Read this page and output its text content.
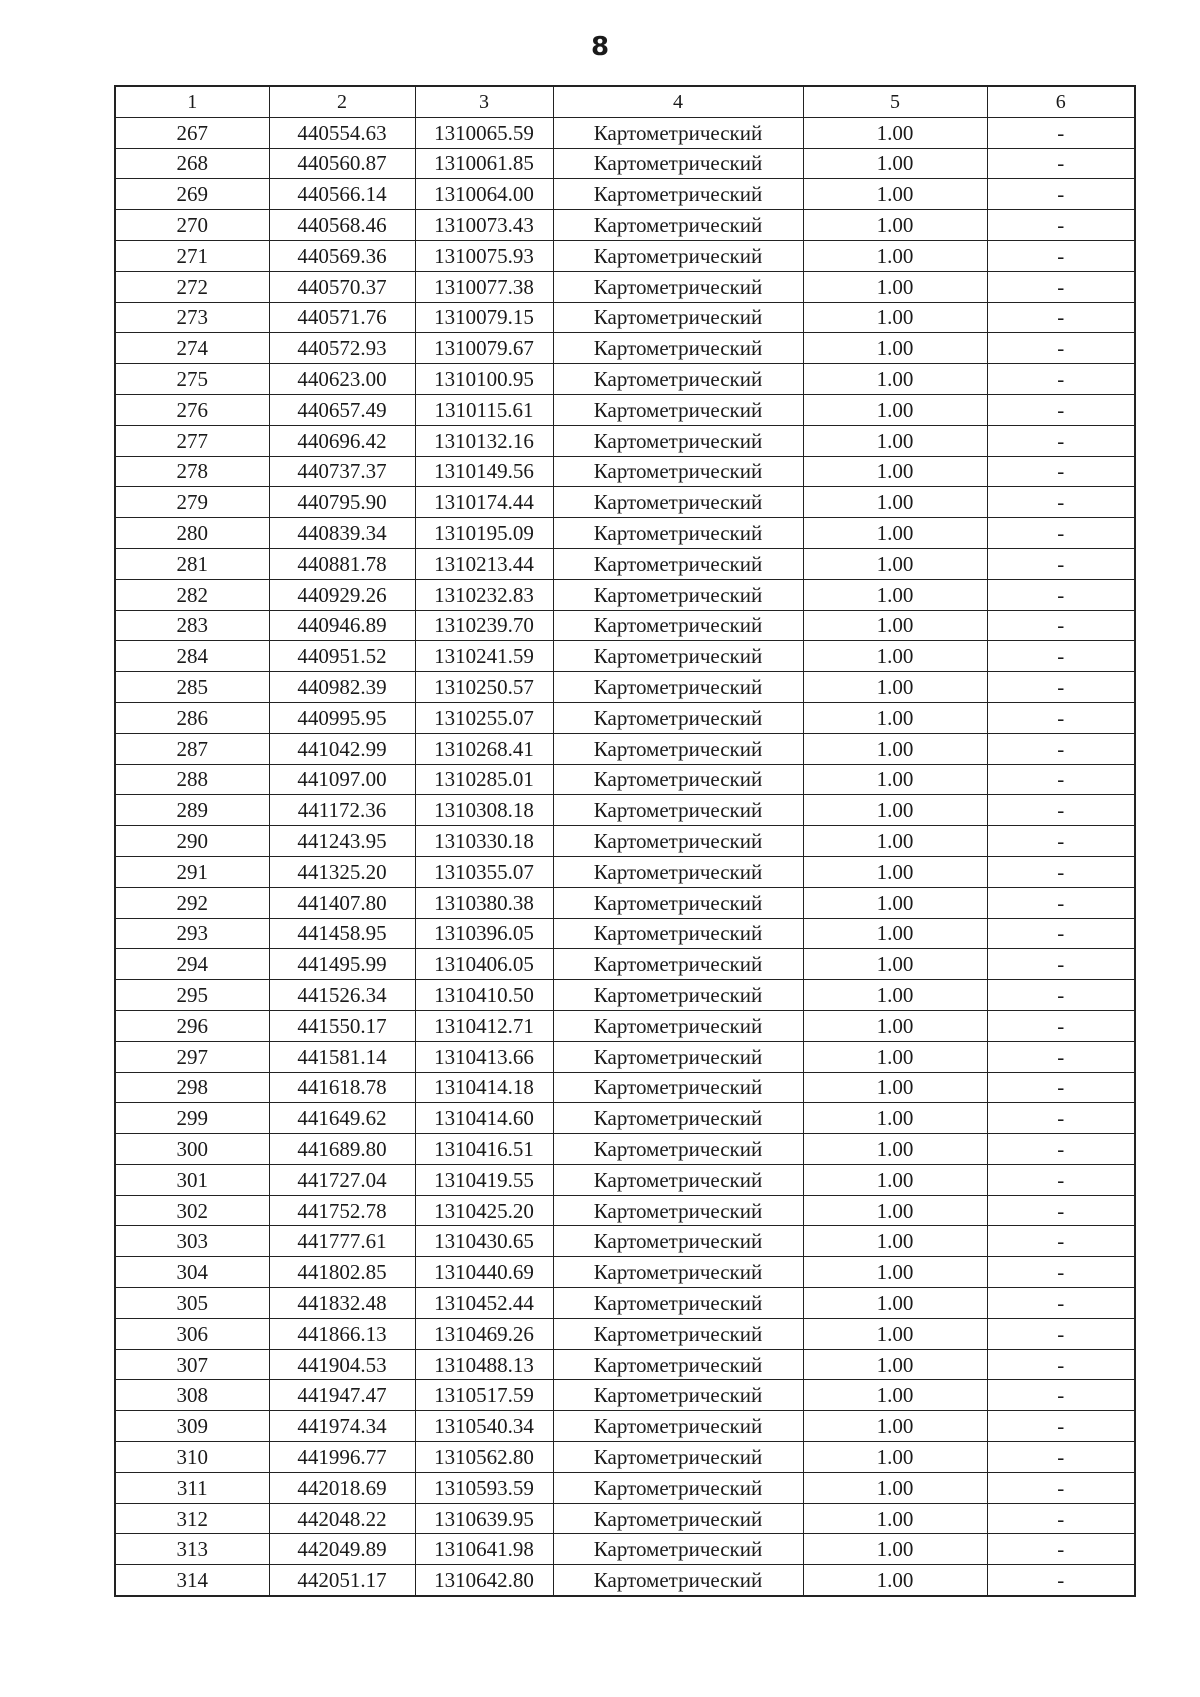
8
1	2	3	4	5	6
267	440554.63	1310065.59	Картометрический	1.00	-
268	440560.87	1310061.85	Картометрический	1.00	-
269	440566.14	1310064.00	Картометрический	1.00	-
270	440568.46	1310073.43	Картометрический	1.00	-
271	440569.36	1310075.93	Картометрический	1.00	-
272	440570.37	1310077.38	Картометрический	1.00	-
273	440571.76	1310079.15	Картометрический	1.00	-
274	440572.93	1310079.67	Картометрический	1.00	-
275	440623.00	1310100.95	Картометрический	1.00	-
276	440657.49	1310115.61	Картометрический	1.00	-
277	440696.42	1310132.16	Картометрический	1.00	-
278	440737.37	1310149.56	Картометрический	1.00	-
279	440795.90	1310174.44	Картометрический	1.00	-
280	440839.34	1310195.09	Картометрический	1.00	-
281	440881.78	1310213.44	Картометрический	1.00	-
282	440929.26	1310232.83	Картометрический	1.00	-
283	440946.89	1310239.70	Картометрический	1.00	-
284	440951.52	1310241.59	Картометрический	1.00	-
285	440982.39	1310250.57	Картометрический	1.00	-
286	440995.95	1310255.07	Картометрический	1.00	-
287	441042.99	1310268.41	Картометрический	1.00	-
288	441097.00	1310285.01	Картометрический	1.00	-
289	441172.36	1310308.18	Картометрический	1.00	-
290	441243.95	1310330.18	Картометрический	1.00	-
291	441325.20	1310355.07	Картометрический	1.00	-
292	441407.80	1310380.38	Картометрический	1.00	-
293	441458.95	1310396.05	Картометрический	1.00	-
294	441495.99	1310406.05	Картометрический	1.00	-
295	441526.34	1310410.50	Картометрический	1.00	-
296	441550.17	1310412.71	Картометрический	1.00	-
297	441581.14	1310413.66	Картометрический	1.00	-
298	441618.78	1310414.18	Картометрический	1.00	-
299	441649.62	1310414.60	Картометрический	1.00	-
300	441689.80	1310416.51	Картометрический	1.00	-
301	441727.04	1310419.55	Картометрический	1.00	-
302	441752.78	1310425.20	Картометрический	1.00	-
303	441777.61	1310430.65	Картометрический	1.00	-
304	441802.85	1310440.69	Картометрический	1.00	-
305	441832.48	1310452.44	Картометрический	1.00	-
306	441866.13	1310469.26	Картометрический	1.00	-
307	441904.53	1310488.13	Картометрический	1.00	-
308	441947.47	1310517.59	Картометрический	1.00	-
309	441974.34	1310540.34	Картометрический	1.00	-
310	441996.77	1310562.80	Картометрический	1.00	-
311	442018.69	1310593.59	Картометрический	1.00	-
312	442048.22	1310639.95	Картометрический	1.00	-
313	442049.89	1310641.98	Картометрический	1.00	-
314	442051.17	1310642.80	Картометрический	1.00	-
